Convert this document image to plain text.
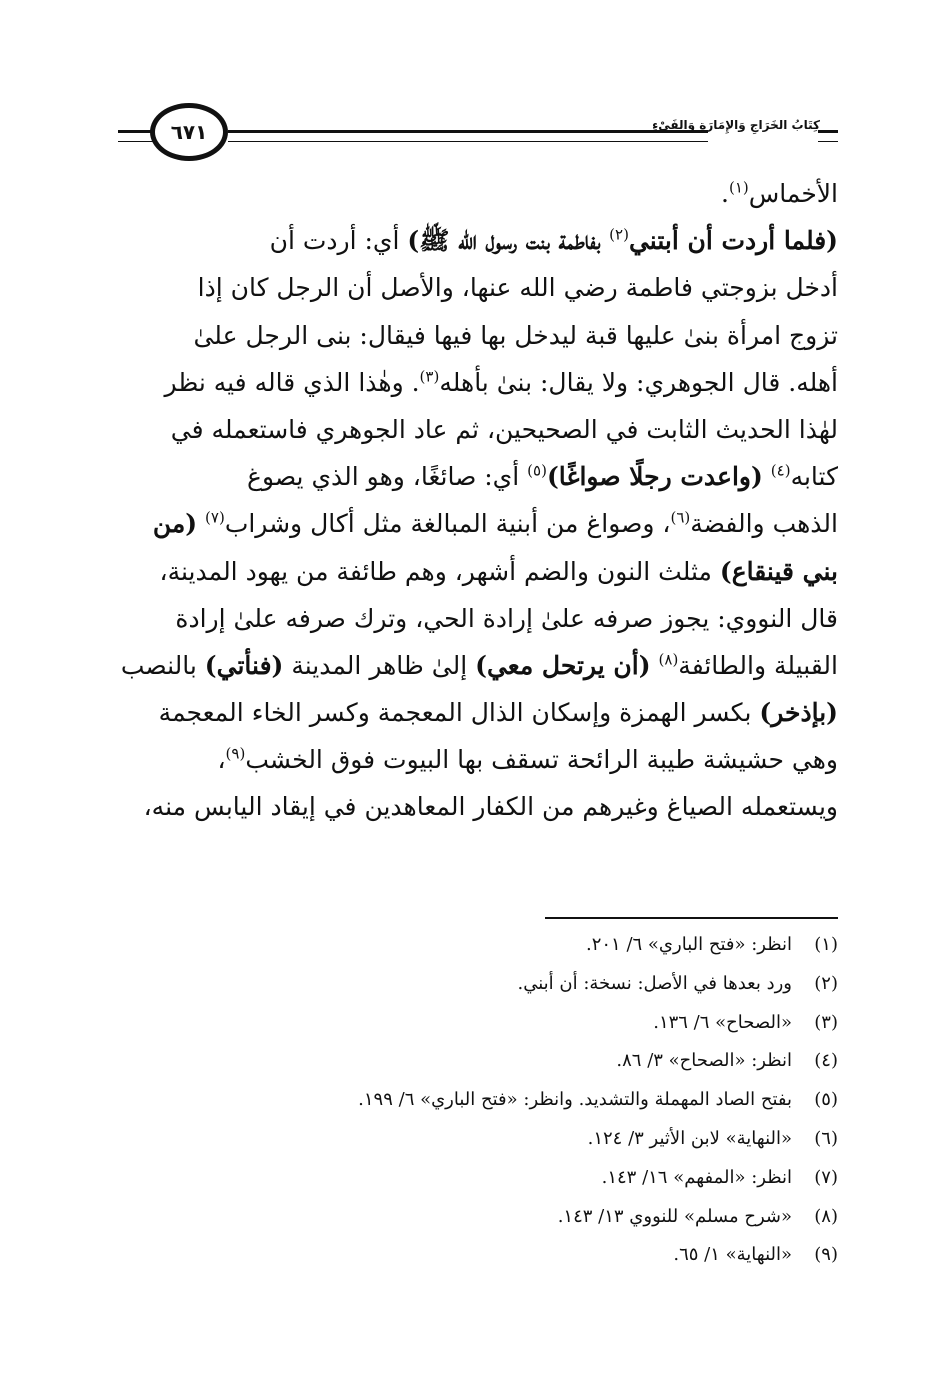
٦٧١	كِتَابُ الخَرَاجِ وَالإِمَارَةِ وَالفَيْءِ
الأخماس$^{(١)}$.
(فلما أردت أن أبتني$^{(٢)}$ بفاطمة بنت رسول الله ﷺ) أي: أردت أن
أدخل بزوجتي فاطمة رضي الله عنها، والأصل أن الرجل كان إذا
تزوج امرأة بنىٰ عليها قبة ليدخل بها فيها فيقال: بنى الرجل علىٰ
أهله. قال الجوهري: ولا يقال: بنىٰ بأهله$^{(٣)}$. وهٰذا الذي قاله فيه نظر
لهٰذا الحديث الثابت في الصحيحين، ثم عاد الجوهري فاستعمله في
كتابه$^{(٤)}$ (واعدت رجلًا صواغًا)$^{(٥)}$ أي: صائغًا، وهو الذي يصوغ
الذهب والفضة$^{(٦)}$، وصواغ من أبنية المبالغة مثل أكال وشراب$^{(٧)}$ (من
بني قينقاع) مثلث النون والضم أشهر، وهم طائفة من يهود المدينة،
قال النووي: يجوز صرفه علىٰ إرادة الحي، وترك صرفه علىٰ إرادة
القبيلة والطائفة$^{(٨)}$ (أن يرتحل معي) إلىٰ ظاهر المدينة (فنأتي) بالنصب
(بإذخر) بكسر الهمزة وإسكان الذال المعجمة وكسر الخاء المعجمة
وهي حشيشة طيبة الرائحة تسقف بها البيوت فوق الخشب$^{(٩)}$،
ويستعمله الصياغ وغيرهم من الكفار المعاهدين في إيقاد اليابس منه،
(١)انظر: «فتح الباري» ٦/ ٢٠١.
(٢)ورد بعدها في الأصل: نسخة: أن أبني.
(٣)«الصحاح» ٦/ ١٣٦.
(٤)انظر: «الصحاح» ٣/ ٨٦.
(٥)بفتح الصاد المهملة والتشديد. وانظر: «فتح الباري» ٦/ ١٩٩.
(٦)«النهاية» لابن الأثير ٣/ ١٢٤.
(٧)انظر: «المفهم» ١٦/ ١٤٣.
(٨)«شرح مسلم» للنووي ١٣/ ١٤٣.
(٩)«النهاية» ١/ ٦٥.
